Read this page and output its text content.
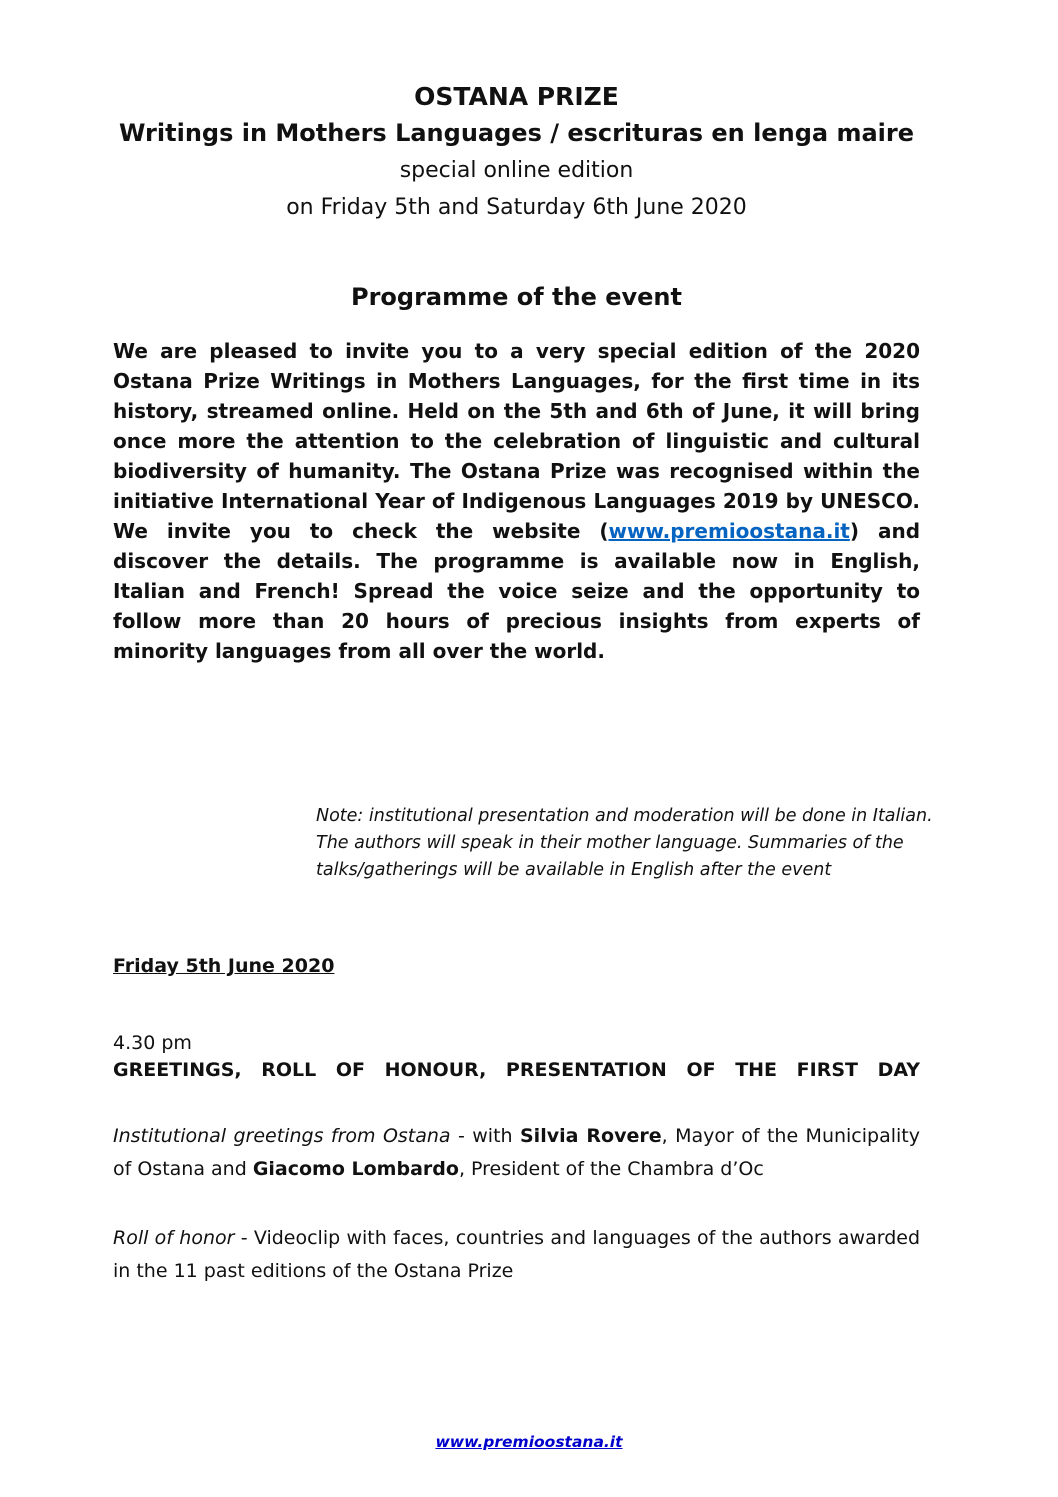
OSTANA PRIZE
Writings in Mothers Languages / escrituras en lenga maire
special online edition
on Friday 5th and Saturday 6th June 2020
Programme of the event

We are pleased to invite you to a very special edition of the 2020 Ostana Prize Writings in Mothers Languages, for the first time in its history, streamed online. Held on the 5th and 6th of June, it will bring once more the attention to the celebration of linguistic and cultural biodiversity of humanity. The Ostana Prize was recognised within the initiative International Year of Indigenous Languages 2019 by UNESCO. We invite you to check the website (www.premioostana.it) and discover the details. The programme is available now in English, Italian and French! Spread the voice seize and the opportunity to follow more than 20 hours of precious insights from experts of minority languages from all over the world.

Note: institutional presentation and moderation will be done in Italian. The authors will speak in their mother language. Summaries of the talks/gatherings will be available in English after the event
Friday 5th June 2020
4.30 pm
GREETINGS, ROLL OF HONOUR, PRESENTATION OF THE FIRST DAY

Institutional greetings from Ostana - with Silvia Rovere, Mayor of the Municipality of Ostana and Giacomo Lombardo, President of the Chambra d’Oc

Roll of honor - Videoclip with faces, countries and languages of the authors awarded in the 11 past editions of the Ostana Prize

www.premioostana.it
